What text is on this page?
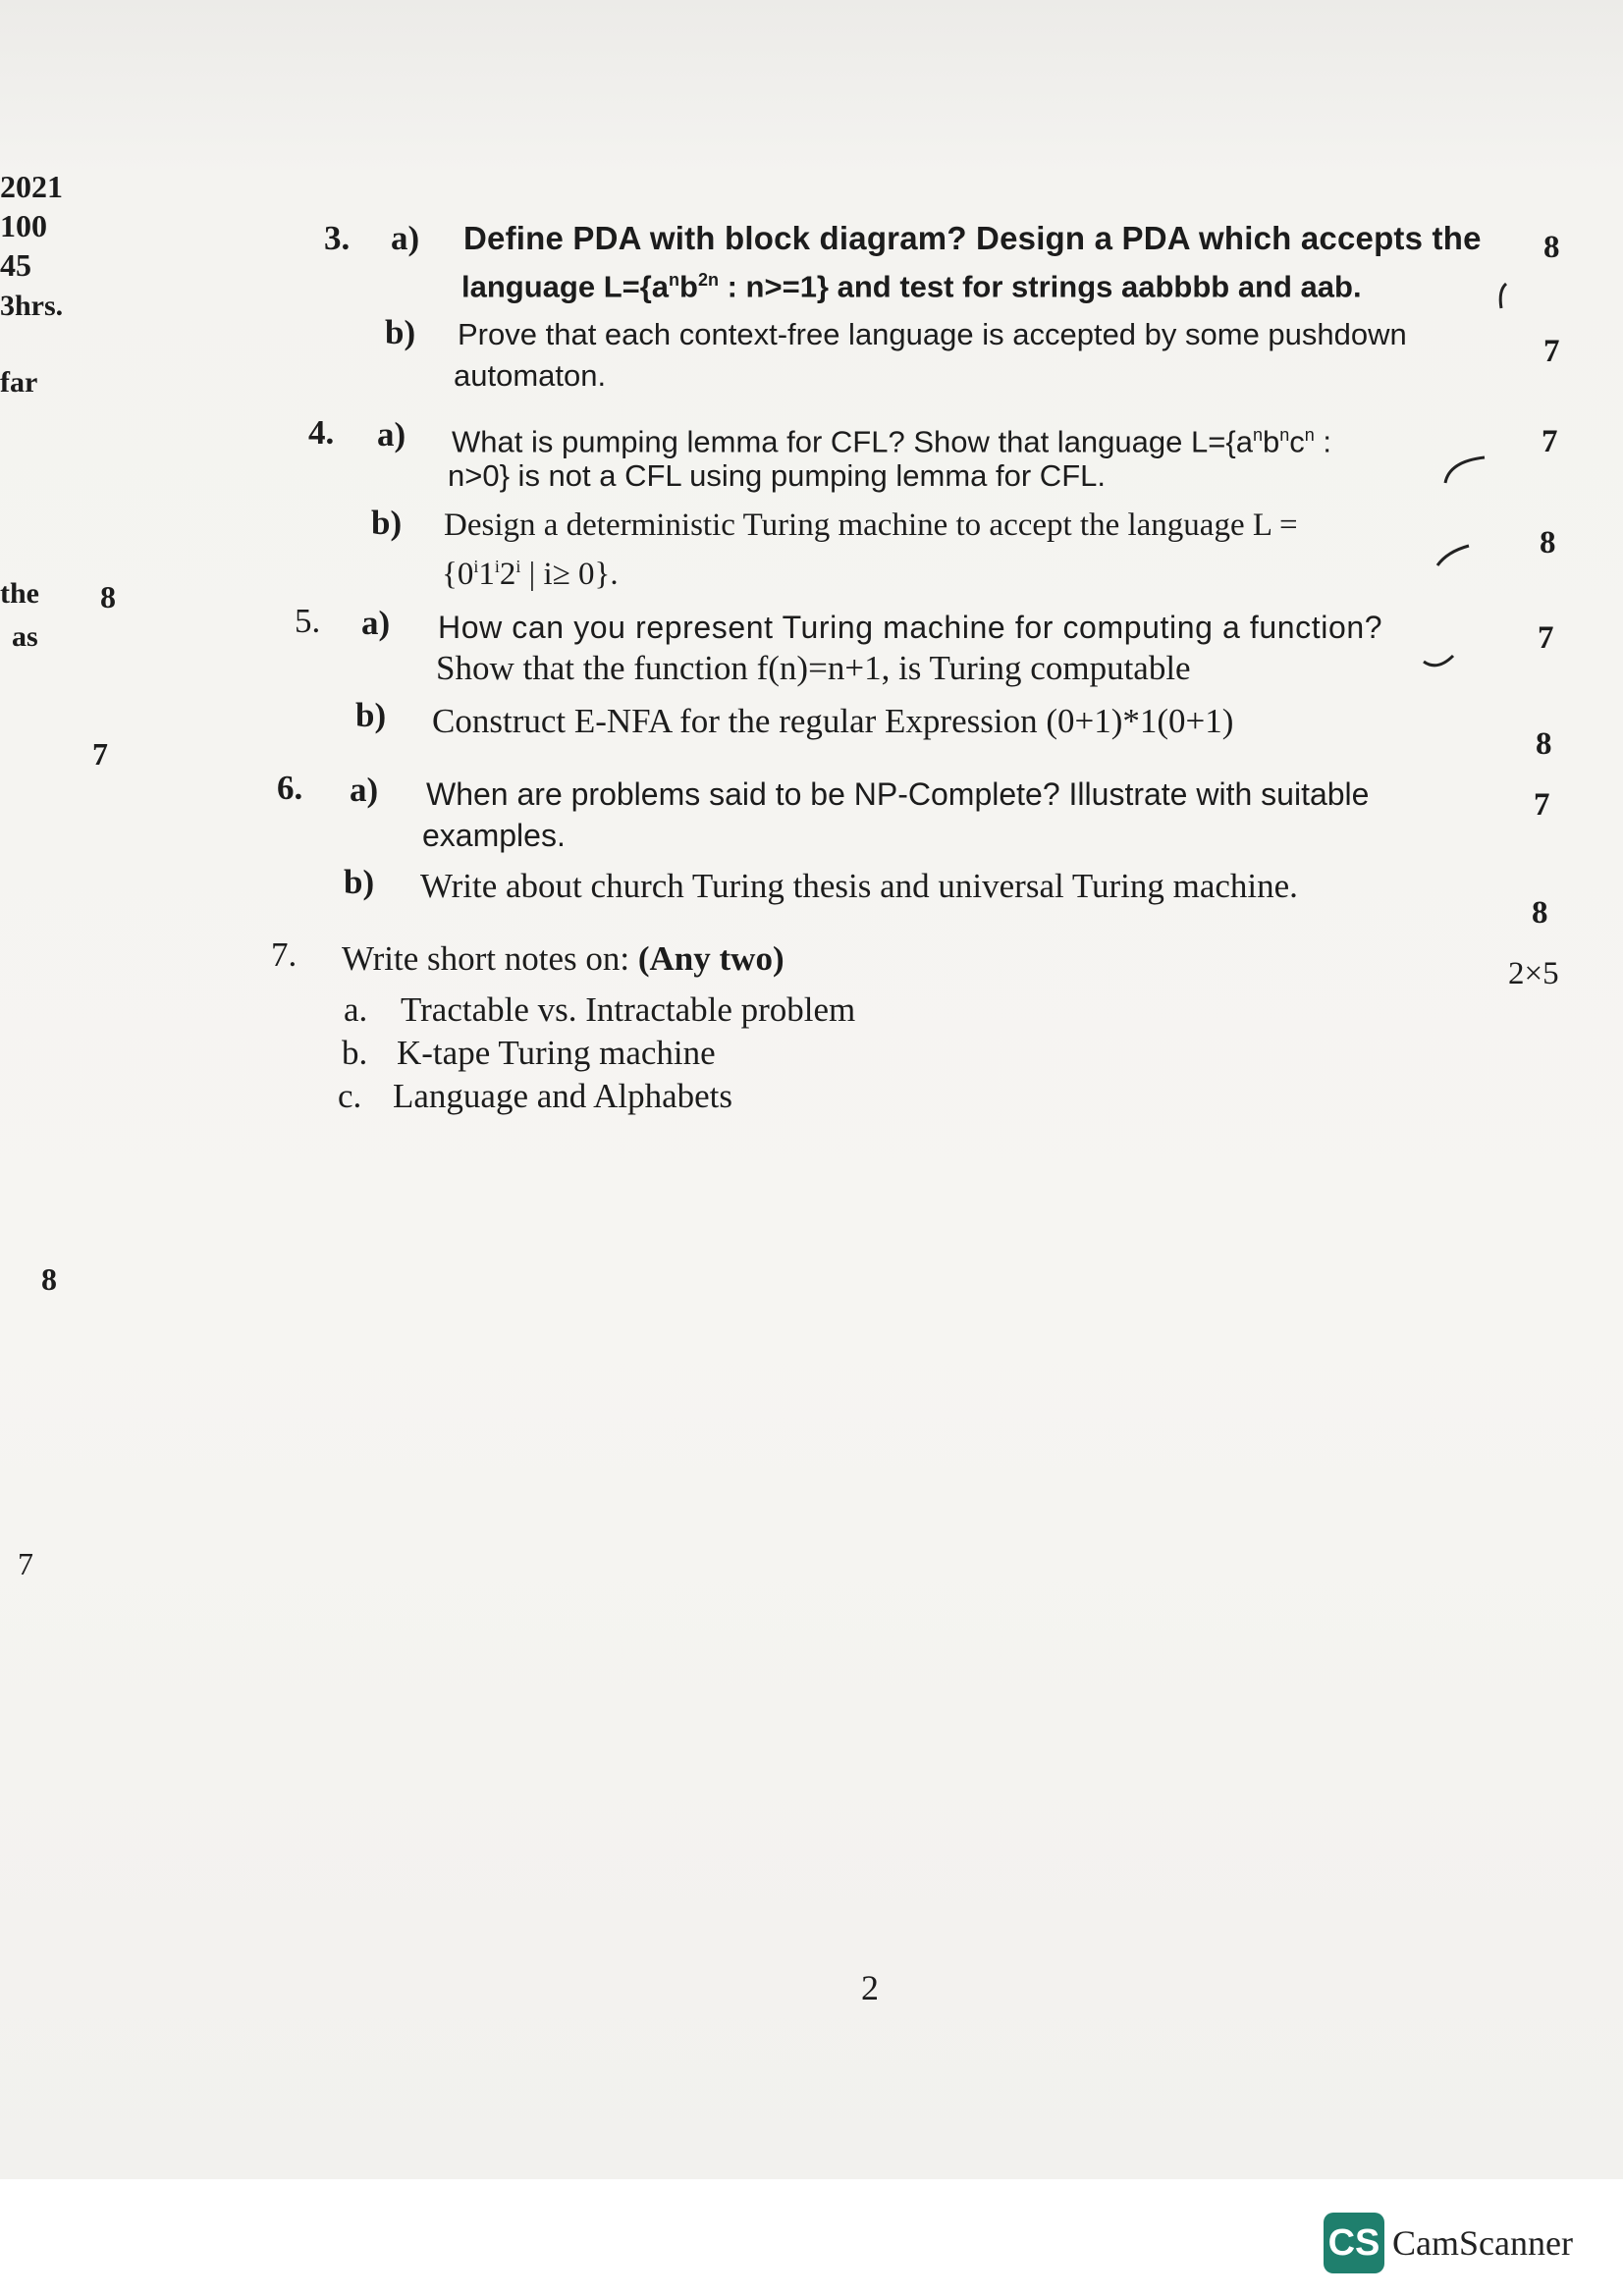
2021
100
45
3hrs.
far
the
as
8
7
8
7
3. a) Define PDA with block diagram? Design a PDA which accepts the
language $L=\{a^nb^{2n}$ : n>=1} and test for strings aabbbb and aab.
8
b) Prove that each context-free language is accepted by some pushdown
automaton.
7
4. a) What is pumping lemma for CFL? Show that language $L=\{a^nb^nc^n$ :
n>0} is not a CFL using pumping lemma for CFL.
7
b) Design a deterministic Turing machine to accept the language L =
{$0^i1^i2^i$ | i≥ 0}.
8
5. a) How can you represent Turing machine for computing a function?
Show that the function f(n)=n+1, is Turing computable
7
b) Construct E-NFA for the regular Expression (0+1)*1(0+1)
8
6. a) When are problems said to be NP-Complete? Illustrate with suitable
examples.
7
b) Write about church Turing thesis and universal Turing machine.
8
7. Write short notes on: (Any two)	2×5
a. Tractable vs. Intractable problem
b. K-tape Turing machine
c. Language and Alphabets
2
CS CamScanner
